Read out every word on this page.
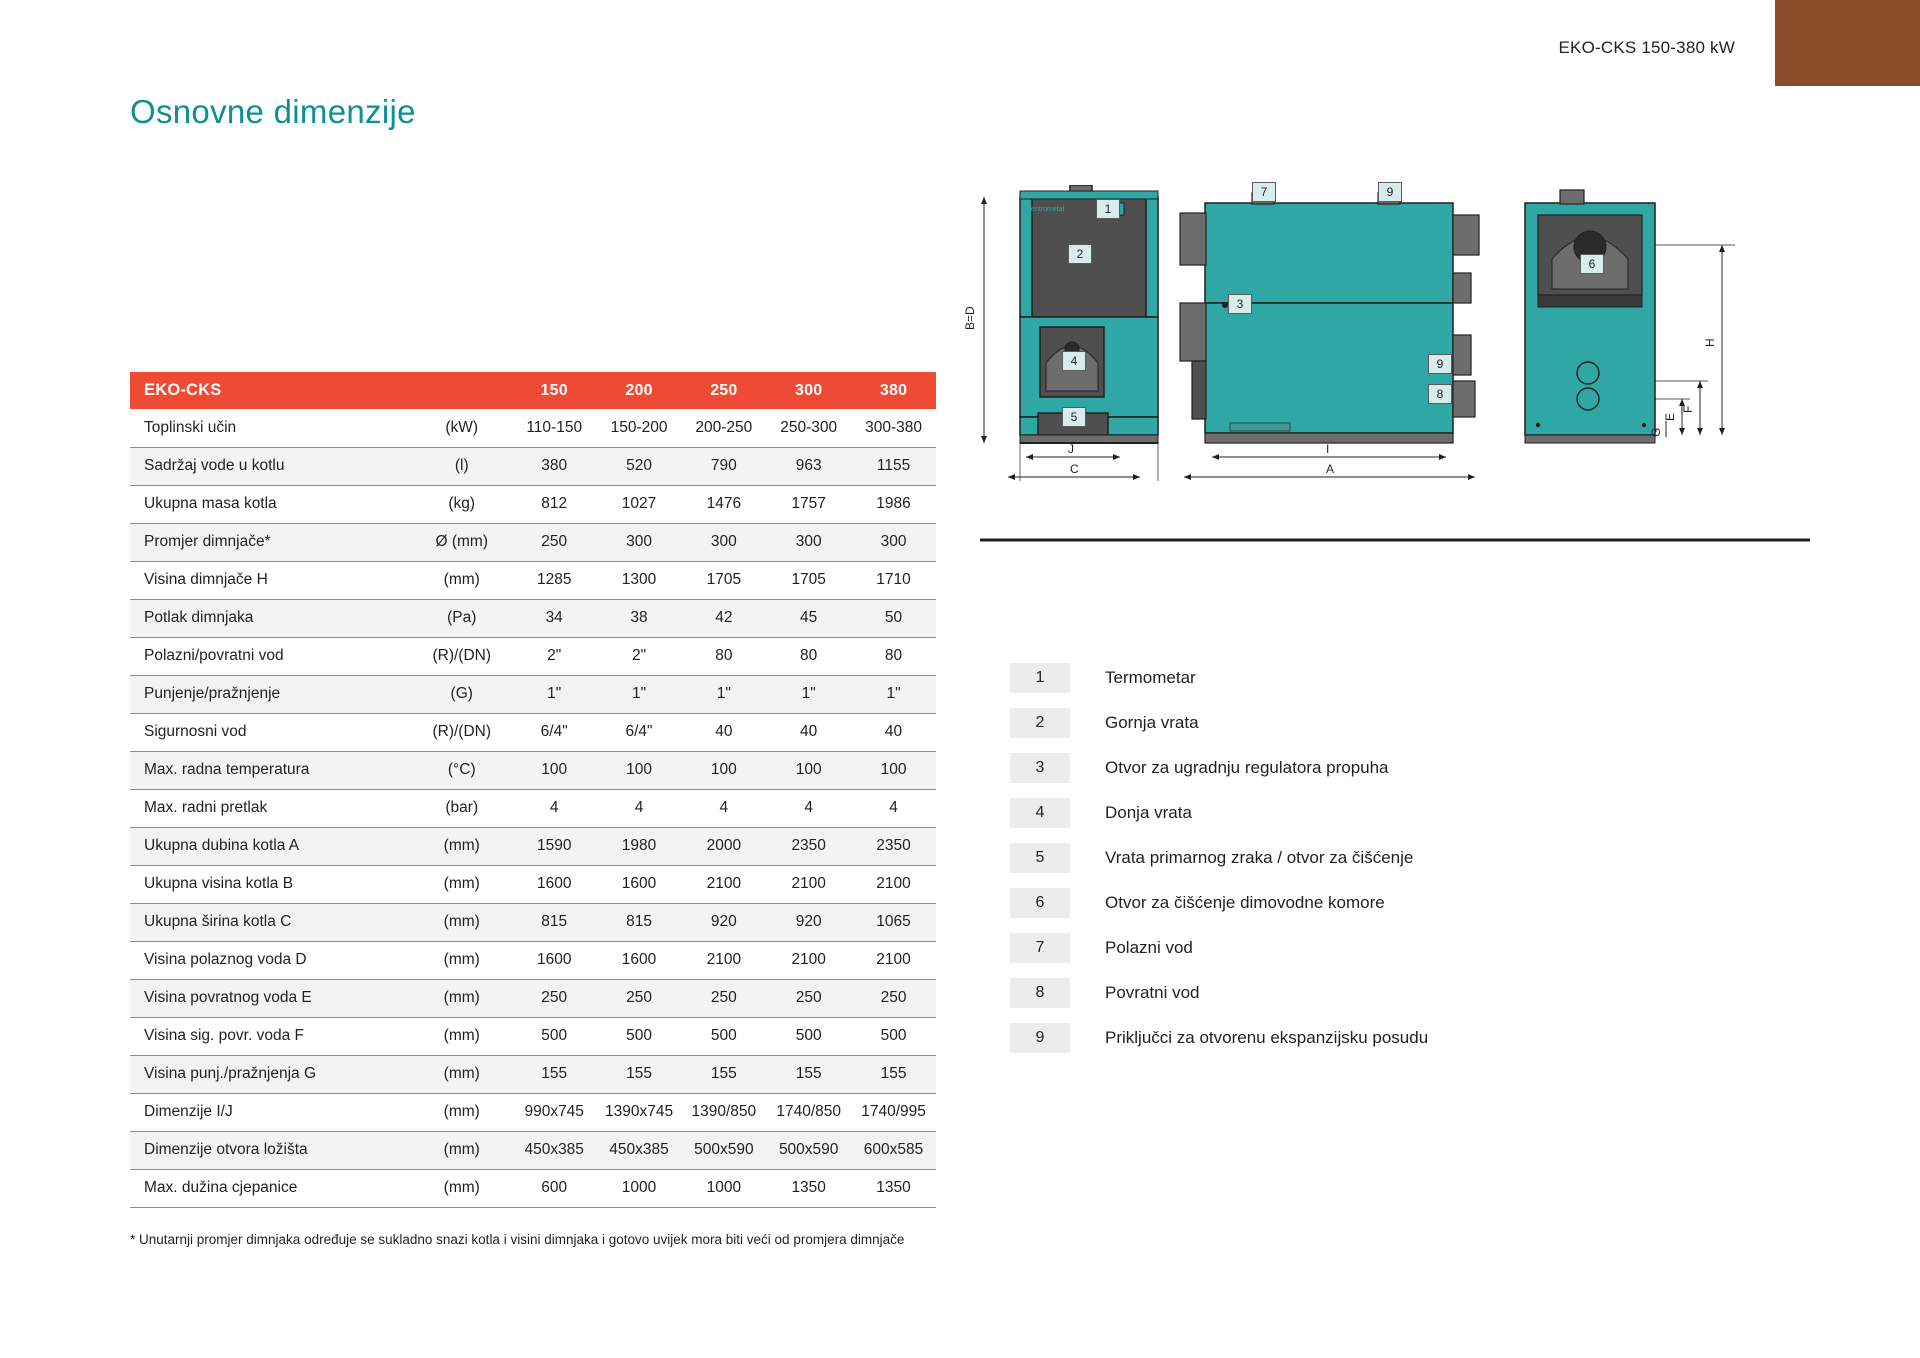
EKO-CKS 150-380 kW
Osnovne dimenzije
EKO-CKS		150	200	250	300	380
Toplinski učin	(kW)	110-150	150-200	200-250	250-300	300-380
Sadržaj vode u kotlu	(l)	380	520	790	963	1155
Ukupna masa kotla	(kg)	812	1027	1476	1757	1986
Promjer dimnjače*	Ø (mm)	250	300	300	300	300
Visina dimnjače H	(mm)	1285	1300	1705	1705	1710
Potlak dimnjaka	(Pa)	34	38	42	45	50
Polazni/povratni vod	(R)/(DN)	2"	2"	80	80	80
Punjenje/pražnjenje	(G)	1"	1"	1"	1"	1"
Sigurnosni vod	(R)/(DN)	6/4"	6/4"	40	40	40
Max. radna temperatura	(°C)	100	100	100	100	100
Max. radni pretlak	(bar)	4	4	4	4	4
Ukupna dubina kotla A	(mm)	1590	1980	2000	2350	2350
Ukupna visina kotla B	(mm)	1600	1600	2100	2100	2100
Ukupna širina kotla C	(mm)	815	815	920	920	1065
Visina polaznog voda D	(mm)	1600	1600	2100	2100	2100
Visina povratnog voda E	(mm)	250	250	250	250	250
Visina sig. povr. voda F	(mm)	500	500	500	500	500
Visina punj./pražnjenja G	(mm)	155	155	155	155	155
Dimenzije I/J	(mm)	990x745	1390x745	1390/850	1740/850	1740/995
Dimenzije otvora ložišta	(mm)	450x385	450x385	500x590	500x590	600x585
Max. dužina cjepanice	(mm)	600	1000	1000	1350	1350
* Unutarnji promjer dimnjaka određuje se sukladno snazi kotla i visini dimnjaka i gotovo uvijek mora biti veći od promjera dimnjače
1	Termometar
2	Gornja vrata
3	Otvor za ugradnju regulatora propuha
4	Donja vrata
5	Vrata primarnog zraka / otvor za čišćenje
6	Otvor za čišćenje dimovodne komore
7	Polazni vod
8	Povratni vod
9	Priključci za otvorenu ekspanzijsku posudu
Centrometal
B=D
J
C
I
A
H
F
E
G
1
2
3
4
5
6
7
8
9
9
